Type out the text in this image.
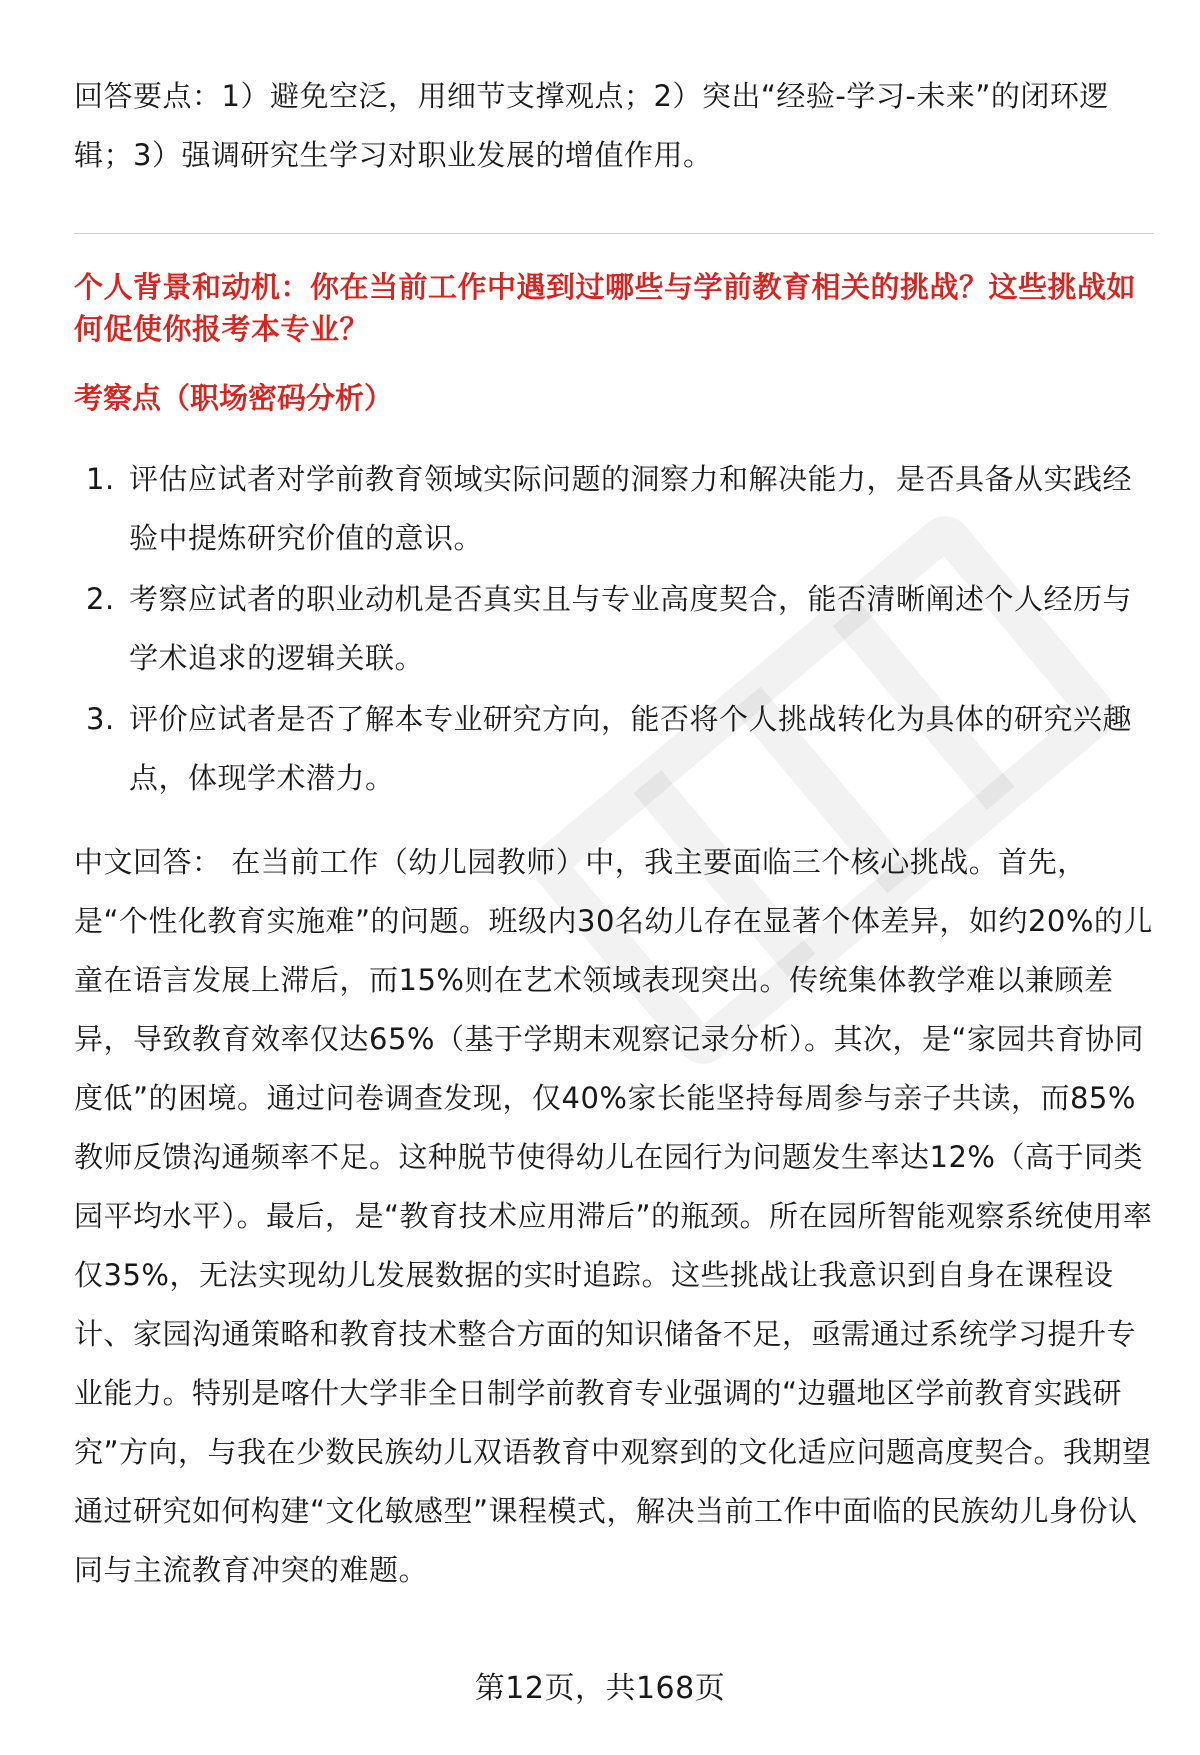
回答要点：1）避免空泛，用细节支撑观点；2）突出“经验-学习-未来”的闭环逻辑；3）强调研究生学习对职业发展的增值作用。

个人背景和动机：你在当前工作中遇到过哪些与学前教育相关的挑战？这些挑战如何促使你报考本专业？

考察点（职场密码分析）

1. 评估应试者对学前教育领域实际问题的洞察力和解决能力，是否具备从实践经验中提炼研究价值的意识。
2. 考察应试者的职业动机是否真实且与专业高度契合，能否清晰阐述个人经历与学术追求的逻辑关联。
3. 评价应试者是否了解本专业研究方向，能否将个人挑战转化为具体的研究兴趣点，体现学术潜力。
中文回答： 在当前工作（幼儿园教师）中，我主要面临三个核心挑战。首先，
是“个性化教育实施难”的问题。班级内30名幼儿存在显著个体差异，如约20%的儿童在语言发展上滞后，而15%则在艺术领域表现突出。传统集体教学难以兼顾差异，导致教育效率仅达65%（基于学期末观察记录分析）。其次，是“家园共育协同度低”的困境。通过问卷调查发现，仅40%家长能坚持每周参与亲子共读，而85%教师反馈沟通频率不足。这种脱节使得幼儿在园行为问题发生率达12%（高于同类园平均水平）。最后，是“教育技术应用滞后”的瓶颈。所在园所智能观察系统使用率仅35%，无法实现幼儿发展数据的实时追踪。这些挑战让我意识到自身在课程设计、家园沟通策略和教育技术整合方面的知识储备不足，亟需通过系统学习提升专业能力。特别是喀什大学非全日制学前教育专业强调的“边疆地区学前教育实践研究”方向，与我在少数民族幼儿双语教育中观察到的文化适应问题高度契合。我期望通过研究如何构建“文化敏感型”课程模式，解决当前工作中面临的民族幼儿身份认同与主流教育冲突的难题。
第12页，共168页
